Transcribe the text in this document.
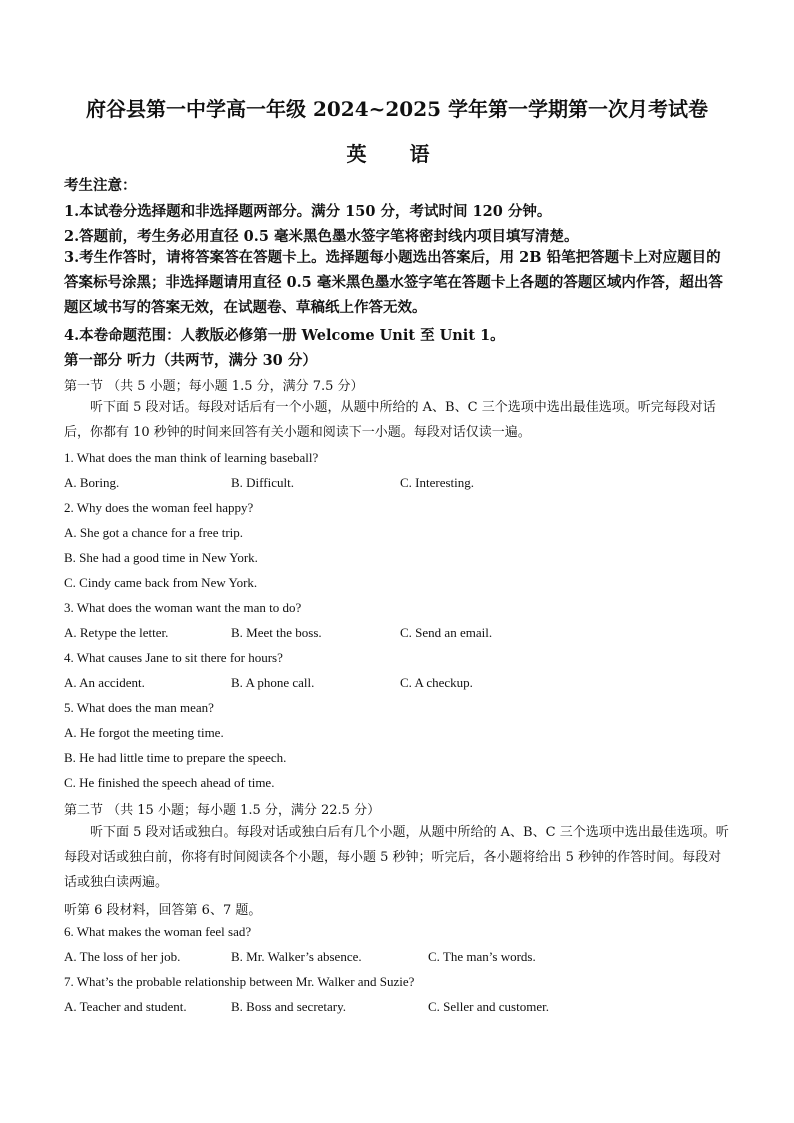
府谷县第一中学高一年级 2024~2025 学年第一学期第一次月考试卷
英 语
考生注意：
1.本试卷分选择题和非选择题两部分。满分 150 分，考试时间 120 分钟。
2.答题前，考生务必用直径 0.5 毫米黑色墨水签字笔将密封线内项目填写清楚。
3.考生作答时，请将答案答在答题卡上。选择题每小题选出答案后，用 2B 铅笔把答题卡上对应题目的答案标号涂黑；非选择题请用直径 0.5 毫米黑色墨水签字笔在答题卡上各题的答题区域内作答，超出答题区域书写的答案无效，在试题卷、草稿纸上作答无效。
4.本卷命题范围：人教版必修第一册 Welcome Unit 至 Unit 1。
第一部分 听力（共两节，满分 30 分）
第一节 （共 5 小题；每小题 1.5 分，满分 7.5 分）
听下面 5 段对话。每段对话后有一个小题，从题中所给的 A、B、C 三个选项中选出最佳选项。听完每段对话后，你都有 10 秒钟的时间来回答有关小题和阅读下一小题。每段对话仅读一遍。
1. What does the man think of learning baseball?
A. Boring.	B. Difficult.	C. Interesting.
2. Why does the woman feel happy?
A. She got a chance for a free trip.
B. She had a good time in New York.
C. Cindy came back from New York.
3. What does the woman want the man to do?
A. Retype the letter.	B. Meet the boss.	C. Send an email.
4. What causes Jane to sit there for hours?
A. An accident.	B. A phone call.	C. A checkup.
5. What does the man mean?
A. He forgot the meeting time.
B. He had little time to prepare the speech.
C. He finished the speech ahead of time.
第二节 （共 15 小题；每小题 1.5 分，满分 22.5 分）
听下面 5 段对话或独白。每段对话或独白后有几个小题，从题中所给的 A、B、C 三个选项中选出最佳选项。听每段对话或独白前，你将有时间阅读各个小题，每小题 5 秒钟；听完后，各小题将给出 5 秒钟的作答时间。每段对话或独白读两遍。
听第 6 段材料，回答第 6、7 题。
6. What makes the woman feel sad?
A. The loss of her job.	B. Mr. Walker’s absence.	C. The man’s words.
7. What’s the probable relationship between Mr. Walker and Suzie?
A. Teacher and student.	B. Boss and secretary.	C. Seller and customer.
